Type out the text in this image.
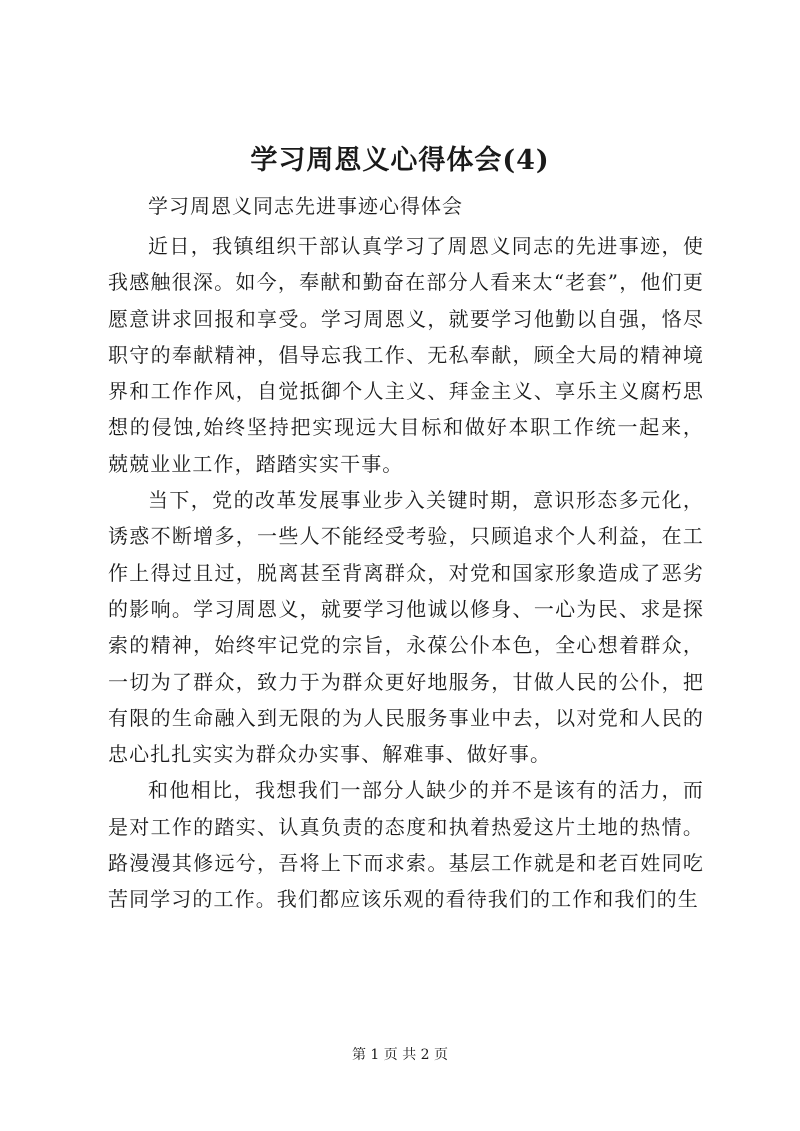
学习周恩义心得体会(4)
学习周恩义同志先进事迹心得体会

近日，我镇组织干部认真学习了周恩义同志的先进事迹，使我感触很深。如今，奉献和勤奋在部分人看来太“老套”，他们更愿意讲求回报和享受。学习周恩义，就要学习他勤以自强，恪尽职守的奉献精神，倡导忘我工作、无私奉献，顾全大局的精神境界和工作作风，自觉抵御个人主义、拜金主义、享乐主义腐朽思想的侵蚀,始终坚持把实现远大目标和做好本职工作统一起来，兢兢业业工作，踏踏实实干事。

当下，党的改革发展事业步入关键时期，意识形态多元化，诱惑不断增多，一些人不能经受考验，只顾追求个人利益，在工作上得过且过，脱离甚至背离群众，对党和国家形象造成了恶劣的影响。学习周恩义，就要学习他诚以修身、一心为民、求是探索的精神，始终牢记党的宗旨，永葆公仆本色，全心想着群众，一切为了群众，致力于为群众更好地服务，甘做人民的公仆，把有限的生命融入到无限的为人民服务事业中去，以对党和人民的忠心扎扎实实为群众办实事、解难事、做好事。

和他相比，我想我们一部分人缺少的并不是该有的活力，而是对工作的踏实、认真负责的态度和执着热爱这片土地的热情。路漫漫其修远兮，吾将上下而求索。基层工作就是和老百姓同吃苦同学习的工作。我们都应该乐观的看待我们的工作和我们的生

第 1 页 共 2 页
